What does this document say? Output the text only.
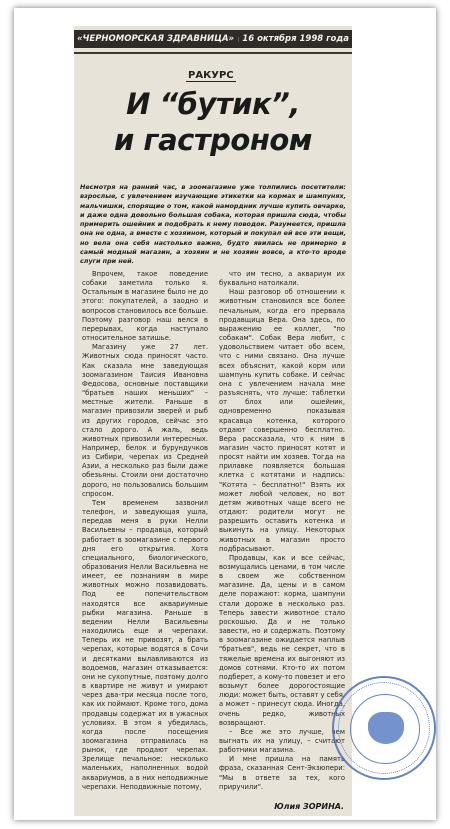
«ЧЕРНОМОРСКАЯ ЗДРАВНИЦА» 16 октября 1998 года
РАКУРС
И “бутик”,
и гастроном
Несмотря на ранний час, в зоомагазине уже толпились посетители: взрослые, с увлечением изучающие этикетки на кормах и шампунях, мальчишки, спорящие о том, какой намордник лучше купить овчарке, и даже одна довольно большая собака, которая пришла сюда, чтобы примерить ошейник и подобрать к нему поводок. Разумеется, пришла она не одна, а вместе с хозяином, который и покупал ей все эти вещи, но вела она себя настолько важно, будто явилась не примерно в самый модный магазин, а хозяин и не хозяин вовсе, а кто-то вроде слуги при ней.

Впрочем, такое поведение собаки заметила только я. Остальным в магазине было не до этого: покупателей, а заодно и вопросов становилось все больше. Поэтому разговор наш велся в перерывах, когда наступало относительное затишье.

Магазину уже 27 лет. Животных сюда приносят часто. Как сказала мне заведующая зоомагазином Таисия Ивановна Федосова, основные поставщики "братьев наших меньших" – местные жители. Раньше в магазин привозили зверей и рыб из других городов, сейчас это стало дорого. А жаль, ведь животных привозили интересных. Например, белок и бурундучков из Сибири, черепах из Средней Азии, а несколько раз были даже обезьяны. Стоили они достаточно дорого, но пользовались большим спросом.

Тем временем зазвонил телефон, и заведующая ушла, передав меня в руки Нелли Васильевны – продавца, который работает в зоомагазине с первого дня его открытия. Хотя специального, биологического, образования Нелли Васильевна не имеет, ее познаниям в мире животных можно позавидовать. Под ее попечительством находятся все аквариумные рыбки магазина. Раньше в ведении Нелли Васильевны находились еще и черепахи. Теперь их не привозят, а брать черепах, которые водятся в Сочи и десятками вылавливаются из водоемов, магазин отказывается: они не сухопутные, поэтому долго в квартире не живут и умирают через два-три месяца после того, как их поймают. Кроме того, дома продавцы содержат их в ужасных условиях. В этом я убедилась, когда после посещения зоомагазина отправилась на рынок, где продают черепах. Зрелище печальное: несколько маленьких, наполненных водой аквариумов, а в них неподвижные черепахи. Неподвижные потому,

что им тесно, а аквариум их буквально натолкали.

Наш разговор об отношении к животным становился все более печальным, когда его прервала продавщица Вера. Она здесь, по выражению ее коллег, "по собакам". Собак Вера любит, с удовольствием читает обо всем, что с ними связано. Она лучше всех объяснит, какой корм или шампунь купить собаке. И сейчас она с увлечением начала мне разъяснять, что лучше: таблетки от блох или ошейник, одновременно показывая красавца котенка, которого отдают совершенно бесплатно. Вера рассказала, что к ним в магазин часто приносят котят и просят найти им хозяев. Тогда на прилавке появляется большая клетка с котятами и надпись: "Котята – бесплатно!" Взять их может любой человек, но вот детям животных чаще всего не отдают: родители могут не разрешить оставить котенка и выкинуть на улицу. Некоторых животных в магазин просто подбрасывают.

Продавцы, как и все сейчас, возмущались ценами, в том числе в своем же собственном магазине. Да, цены и в самом деле поражают: корма, шампуни стали дороже в несколько раз. Теперь завести животное стало роскошью. Да и не только завести, но и содержать. Поэтому в зоомагазине ожидается наплыв "братьев", ведь не секрет, что в тяжелые времена их выгоняют из домов сотнями. Кто-то их потом подберет, а кому-то повезет и его возьмут более дорогостоящие люди: может быть, оставят у себя, а может – принесут сюда. Иногда, очень редко, животных возвращают.

– Все же это лучше, чем выгнать их на улицу, – считают работники магазина.

И мне пришла на память фраза, сказанная Сент-Экзюпери: "Мы в ответе за тех, кого приручили".

Юлия ЗОРИНА.
